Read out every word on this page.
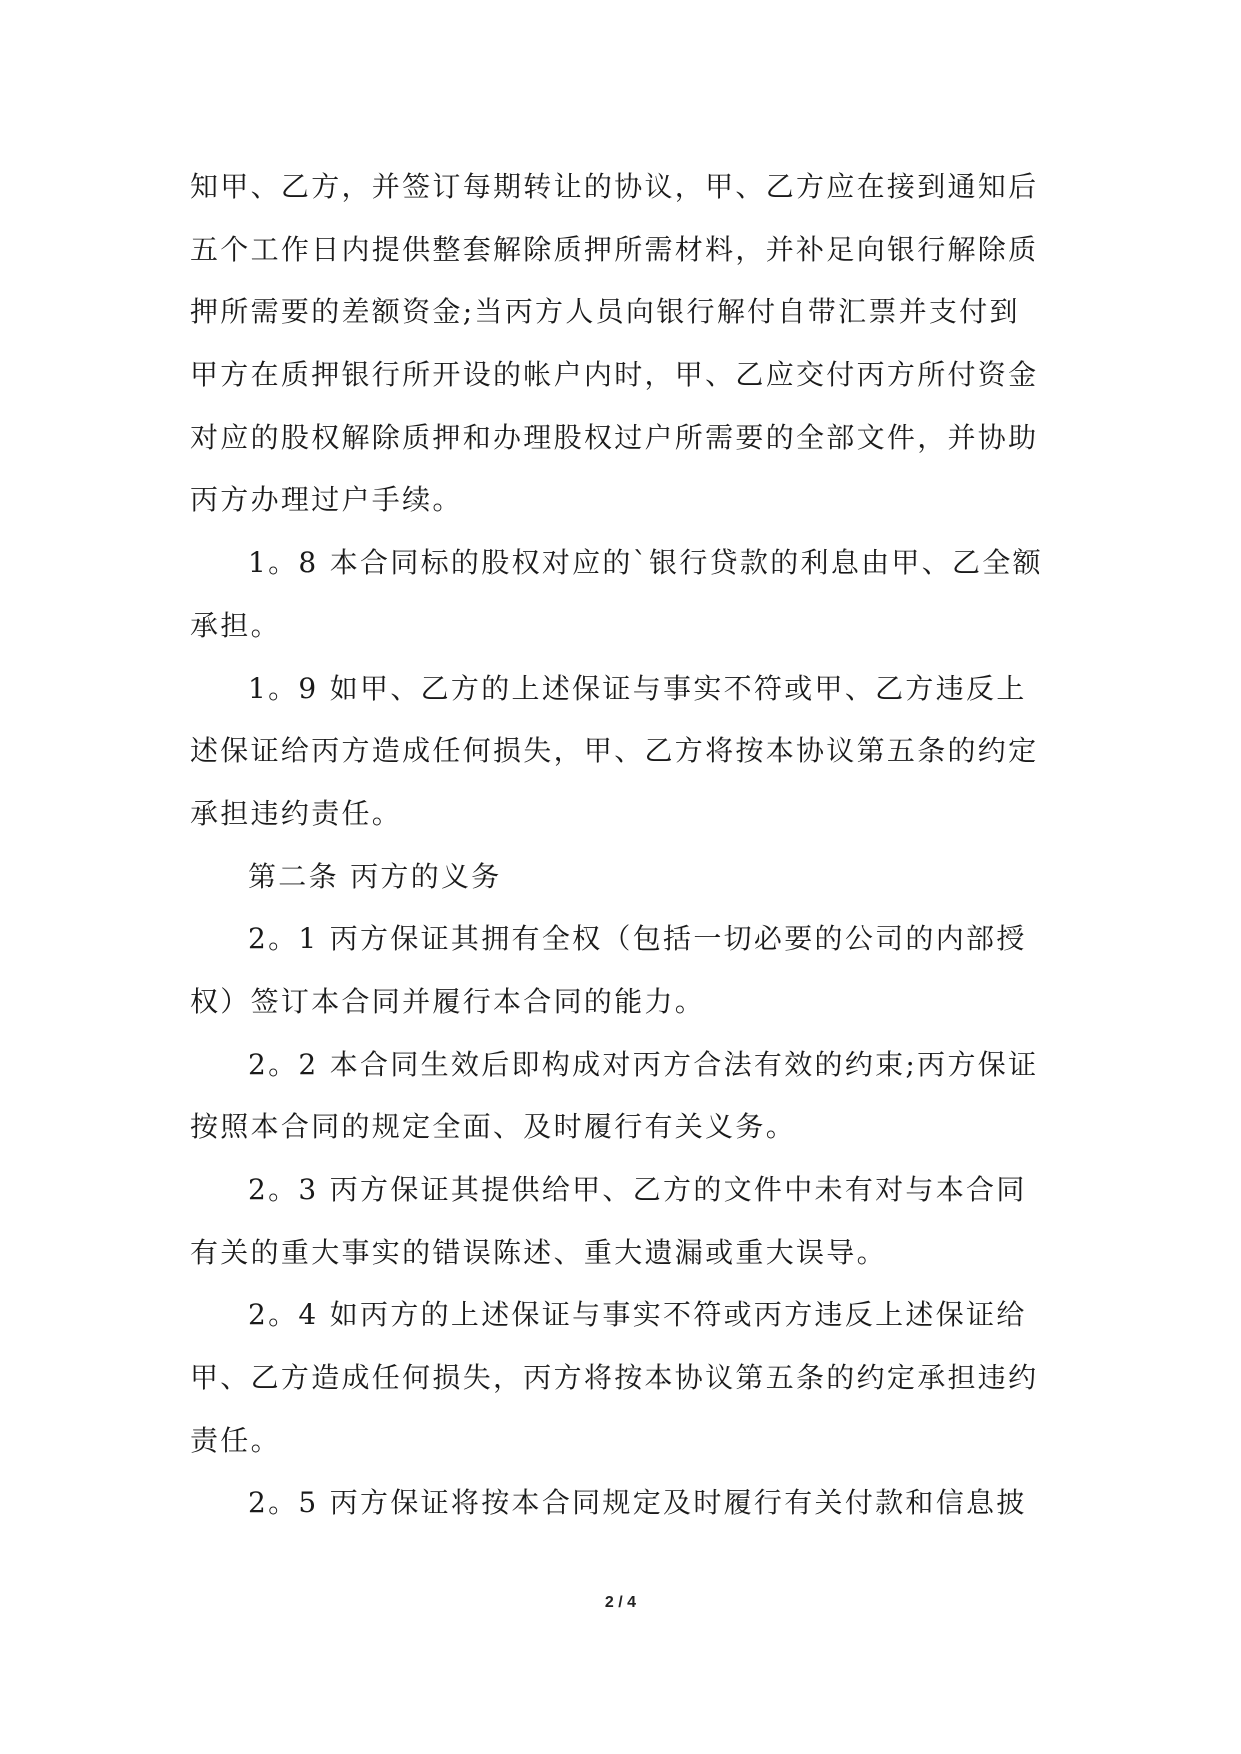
知甲、乙方，并签订每期转让的协议，甲、乙方应在接到通知后
五个工作日内提供整套解除质押所需材料，并补足向银行解除质
押所需要的差额资金;当丙方人员向银行解付自带汇票并支付到
甲方在质押银行所开设的帐户内时，甲、乙应交付丙方所付资金
对应的股权解除质押和办理股权过户所需要的全部文件，并协助
丙方办理过户手续。
1。8 本合同标的股权对应的`银行贷款的利息由甲、乙全额
承担。
1。9 如甲、乙方的上述保证与事实不符或甲、乙方违反上
述保证给丙方造成任何损失，甲、乙方将按本协议第五条的约定
承担违约责任。
第二条 丙方的义务
2。1 丙方保证其拥有全权（包括一切必要的公司的内部授
权）签订本合同并履行本合同的能力。
2。2 本合同生效后即构成对丙方合法有效的约束;丙方保证
按照本合同的规定全面、及时履行有关义务。
2。3 丙方保证其提供给甲、乙方的文件中未有对与本合同
有关的重大事实的错误陈述、重大遗漏或重大误导。
2。4 如丙方的上述保证与事实不符或丙方违反上述保证给
甲、乙方造成任何损失，丙方将按本协议第五条的约定承担违约
责任。
2。5 丙方保证将按本合同规定及时履行有关付款和信息披
2 / 4
